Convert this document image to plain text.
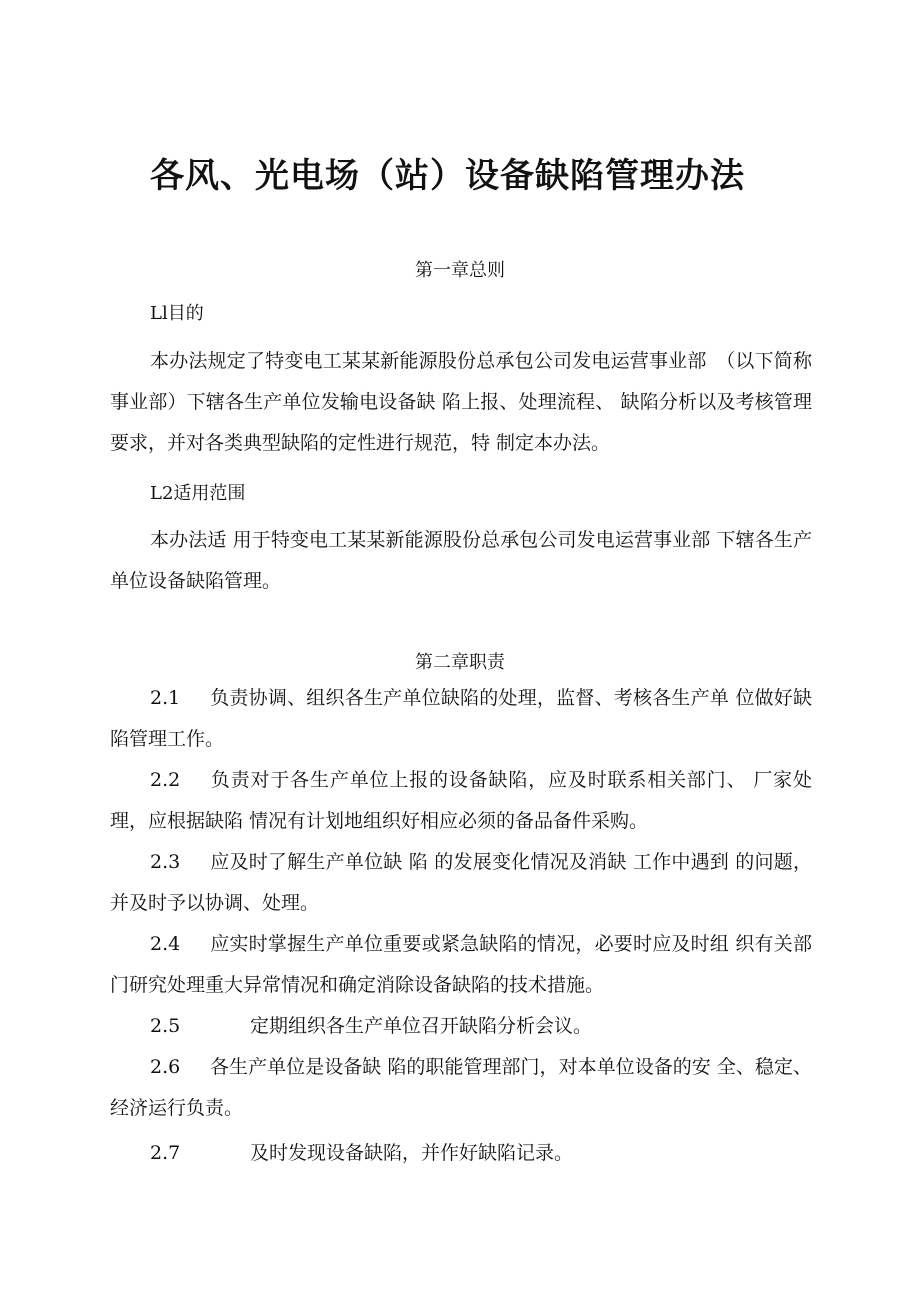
各风、光电场（站）设备缺陷管理办法

第一章总则

Ll目的

本办法规定了特变电工某某新能源股份总承包公司发电运营事业部　（以下简称事业部）下辖各生产单位发输电设备缺 陷上报、处理流程、 缺陷分析以及考核管理要求，并对各类典型缺陷的定性进行规范，特 制定本办法。

L2适用范围

本办法适 用于特变电工某某新能源股份总承包公司发电运营事业部 下辖各生产单位设备缺陷管理。

第二章职责

2.1 负责协调、组织各生产单位缺陷的处理，监督、考核各生产单 位做好缺陷管理工作。

2.2 负责对于各生产单位上报的设备缺陷，应及时联系相关部门、 厂家处理，应根据缺陷 情况有计划地组织好相应必须的备品备件采购。

2.3 应及时了解生产单位缺 陷 的发展变化情况及消缺 工作中遇到 的问题，并及时予以协调、处理。

2.4 应实时掌握生产单位重要或紧急缺陷的情况，必要时应及时组 织有关部门研究处理重大异常情况和确定消除设备缺陷的技术措施。

2.5	定期组织各生产单位召开缺陷分析会议。

2.6 各生产单位是设备缺 陷的职能管理部门，对本单位设备的安 全、稳定、经济运行负责。

2.7	及时发现设备缺陷，并作好缺陷记录。
